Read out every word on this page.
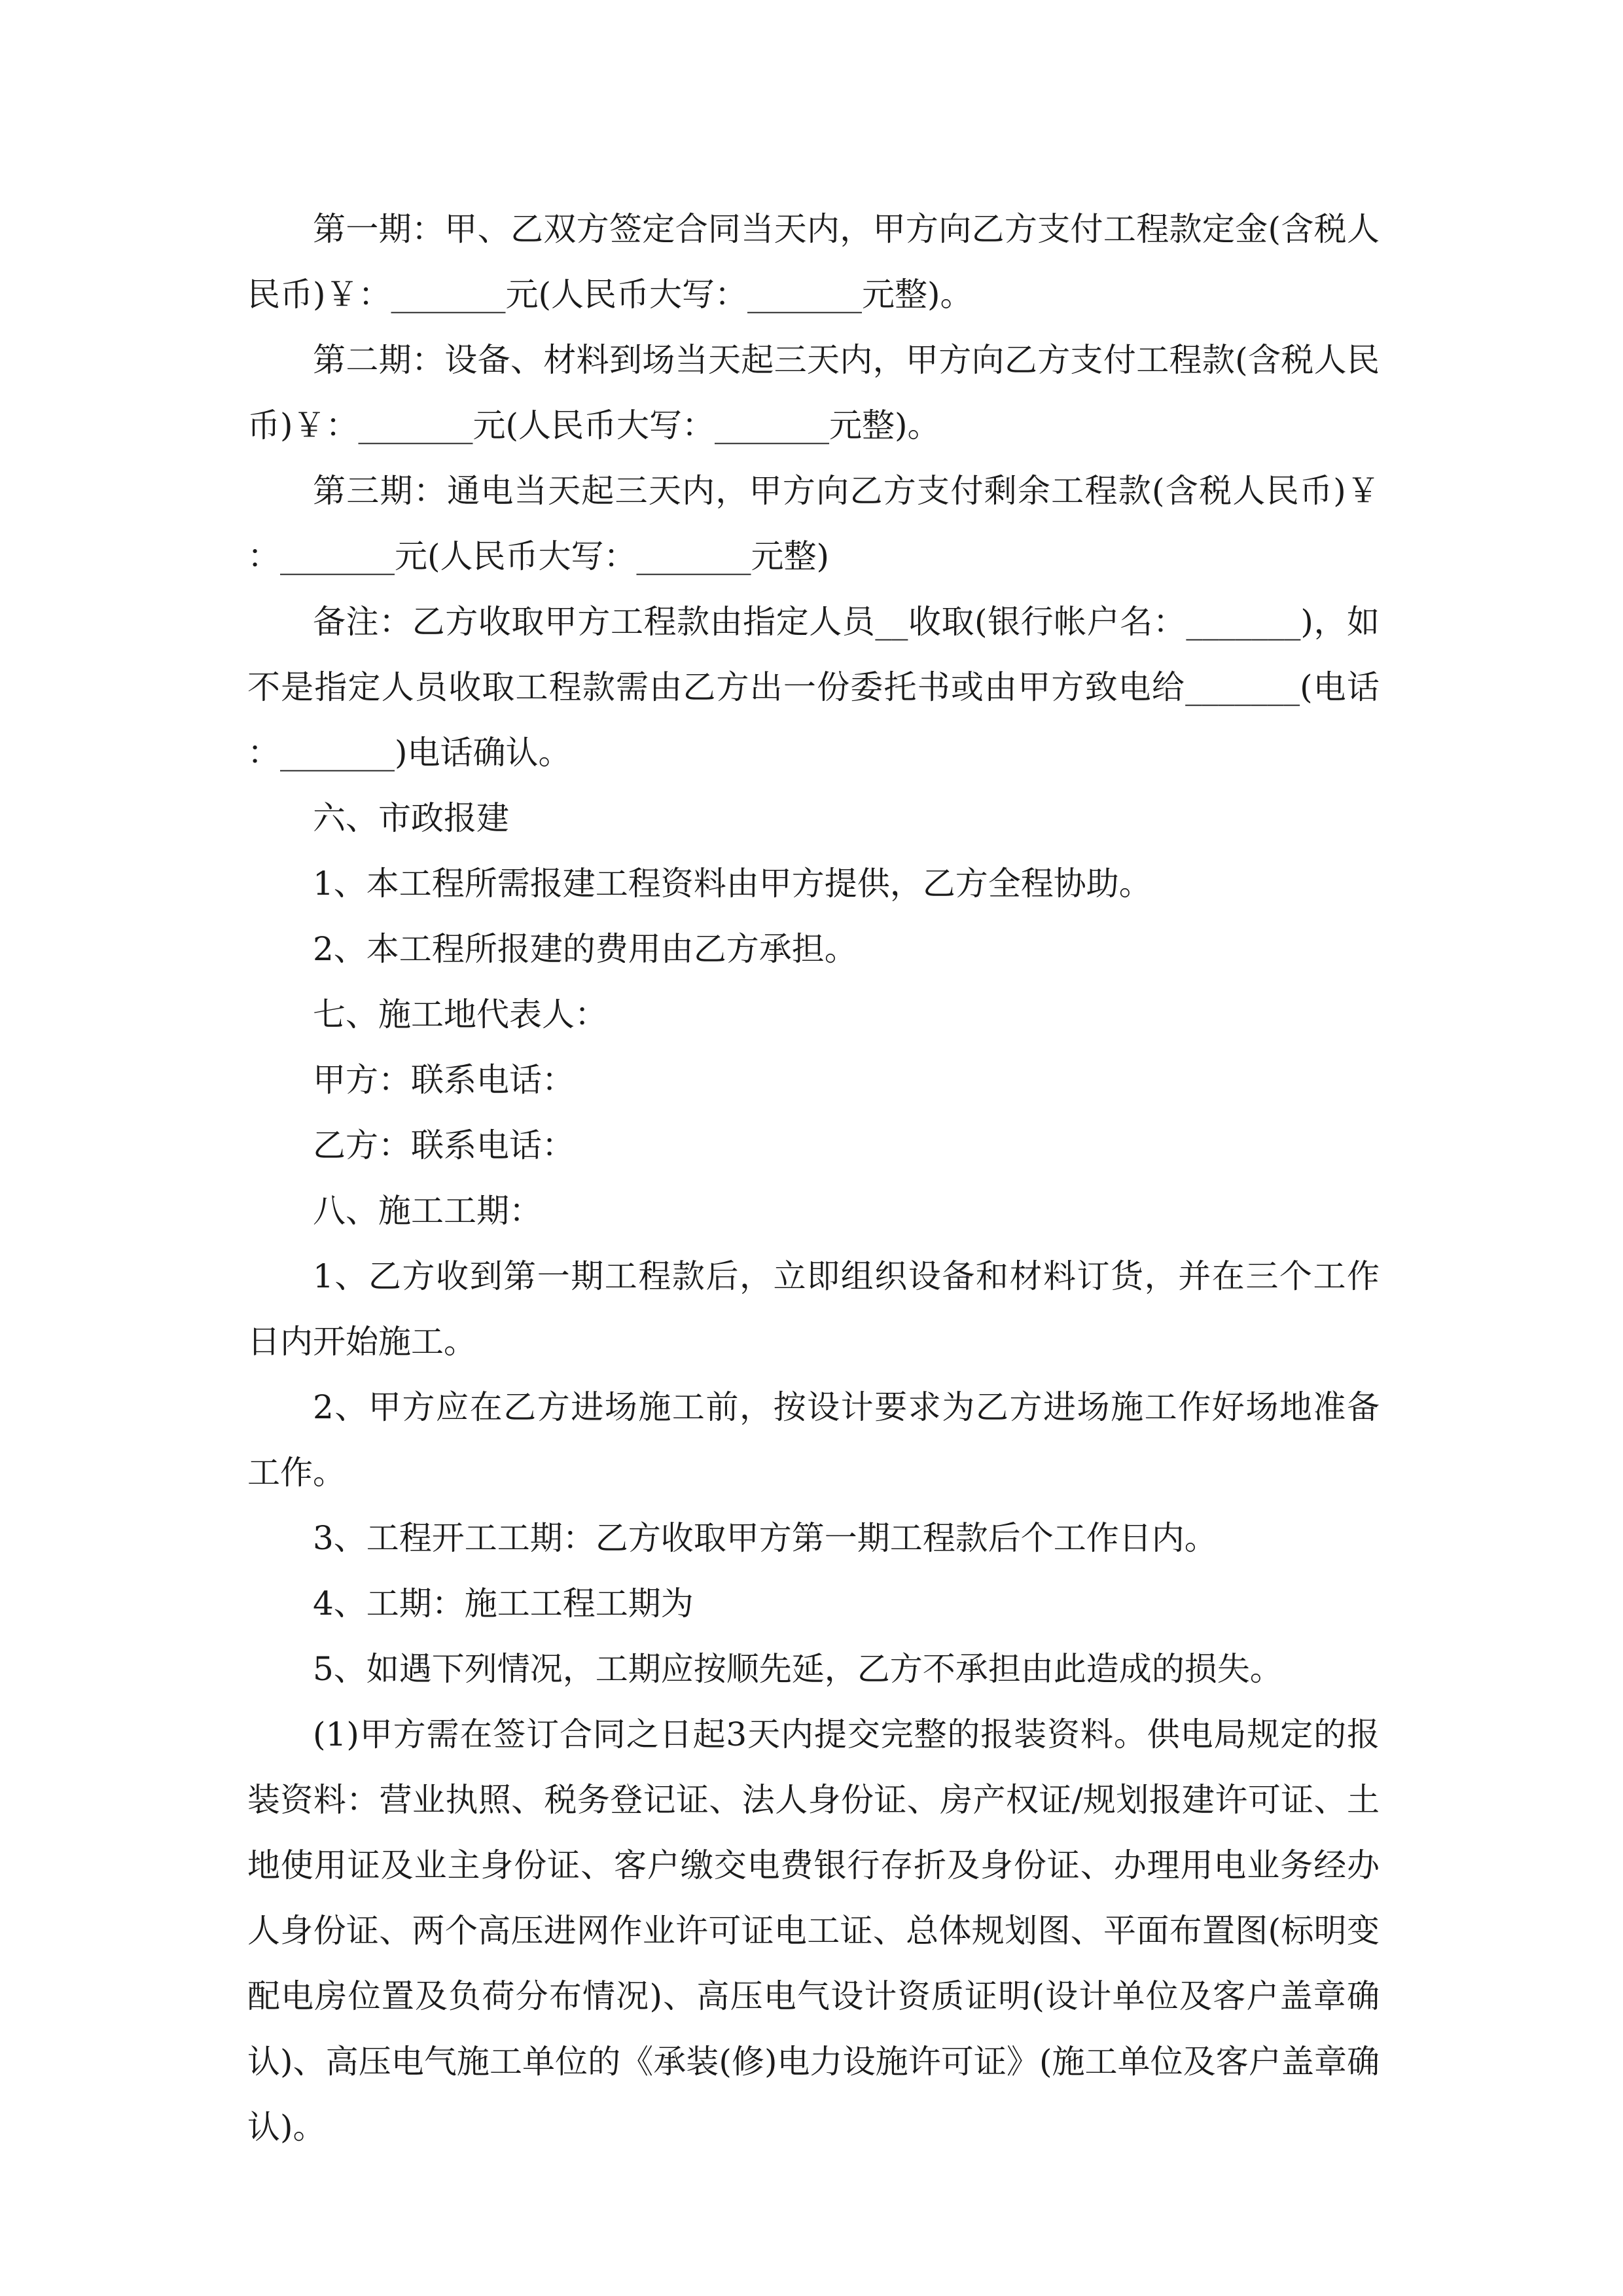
第一期：甲、乙双方签定合同当天内，甲方向乙方支付工程款定金(含税人民币)￥：_______元(人民币大写：_______元整)。

第二期：设备、材料到场当天起三天内，甲方向乙方支付工程款(含税人民币)￥：_______元(人民币大写：_______元整)。

第三期：通电当天起三天内，甲方向乙方支付剩余工程款(含税人民币)￥：_______元(人民币大写：_______元整)

备注：乙方收取甲方工程款由指定人员__收取(银行帐户名：_______)，如不是指定人员收取工程款需由乙方出一份委托书或由甲方致电给_______(电话：_______)电话确认。

六、市政报建

1、本工程所需报建工程资料由甲方提供，乙方全程协助。

2、本工程所报建的费用由乙方承担。

七、施工地代表人：

甲方：联系电话：

乙方：联系电话：

八、施工工期：

1、乙方收到第一期工程款后，立即组织设备和材料订货，并在三个工作日内开始施工。

2、甲方应在乙方进场施工前，按设计要求为乙方进场施工作好场地准备工作。

3、工程开工工期：乙方收取甲方第一期工程款后个工作日内。

4、工期：施工工程工期为

5、如遇下列情况，工期应按顺先延，乙方不承担由此造成的损失。

(1)甲方需在签订合同之日起3天内提交完整的报装资料。供电局规定的报装资料：营业执照、税务登记证、法人身份证、房产权证/规划报建许可证、土地使用证及业主身份证、客户缴交电费银行存折及身份证、办理用电业务经办人身份证、两个高压进网作业许可证电工证、总体规划图、平面布置图(标明变配电房位置及负荷分布情况)、高压电气设计资质证明(设计单位及客户盖章确认)、高压电气施工单位的《承装(修)电力设施许可证》(施工单位及客户盖章确认)。
